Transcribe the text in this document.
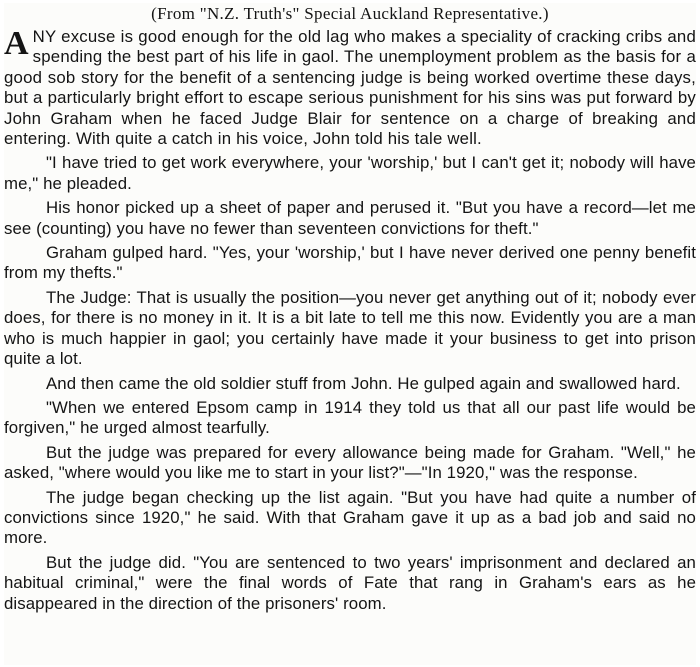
(From "N.Z. Truth's" Special Auckland Representative.)

ANY excuse is good enough for the old lag who makes a speciality of cracking cribs and spending the best part of his life in gaol. The unemployment problem as the basis for a good sob story for the benefit of a sentencing judge is being worked overtime these days, but a particularly bright effort to escape serious punishment for his sins was put forward by John Graham when he faced Judge Blair for sentence on a charge of breaking and entering. With quite a catch in his voice, John told his tale well.

"I have tried to get work everywhere, your 'worship,' but I can't get it; nobody will have me," he pleaded.

His honor picked up a sheet of paper and perused it. "But you have a record—let me see (counting) you have no fewer than seventeen convictions for theft."

Graham gulped hard. "Yes, your 'worship,' but I have never derived one penny benefit from my thefts."

The Judge: That is usually the position—you never get anything out of it; nobody ever does, for there is no money in it. It is a bit late to tell me this now. Evidently you are a man who is much happier in gaol; you certainly have made it your business to get into prison quite a lot.

And then came the old soldier stuff from John. He gulped again and swallowed hard.

"When we entered Epsom camp in 1914 they told us that all our past life would be forgiven," he urged almost tearfully.

But the judge was prepared for every allowance being made for Graham. "Well," he asked, "where would you like me to start in your list?"—"In 1920," was the response.

The judge began checking up the list again. "But you have had quite a number of convictions since 1920," he said. With that Graham gave it up as a bad job and said no more.

But the judge did. "You are sentenced to two years' imprisonment and declared an habitual criminal," were the final words of Fate that rang in Graham's ears as he disappeared in the direction of the prisoners' room.
